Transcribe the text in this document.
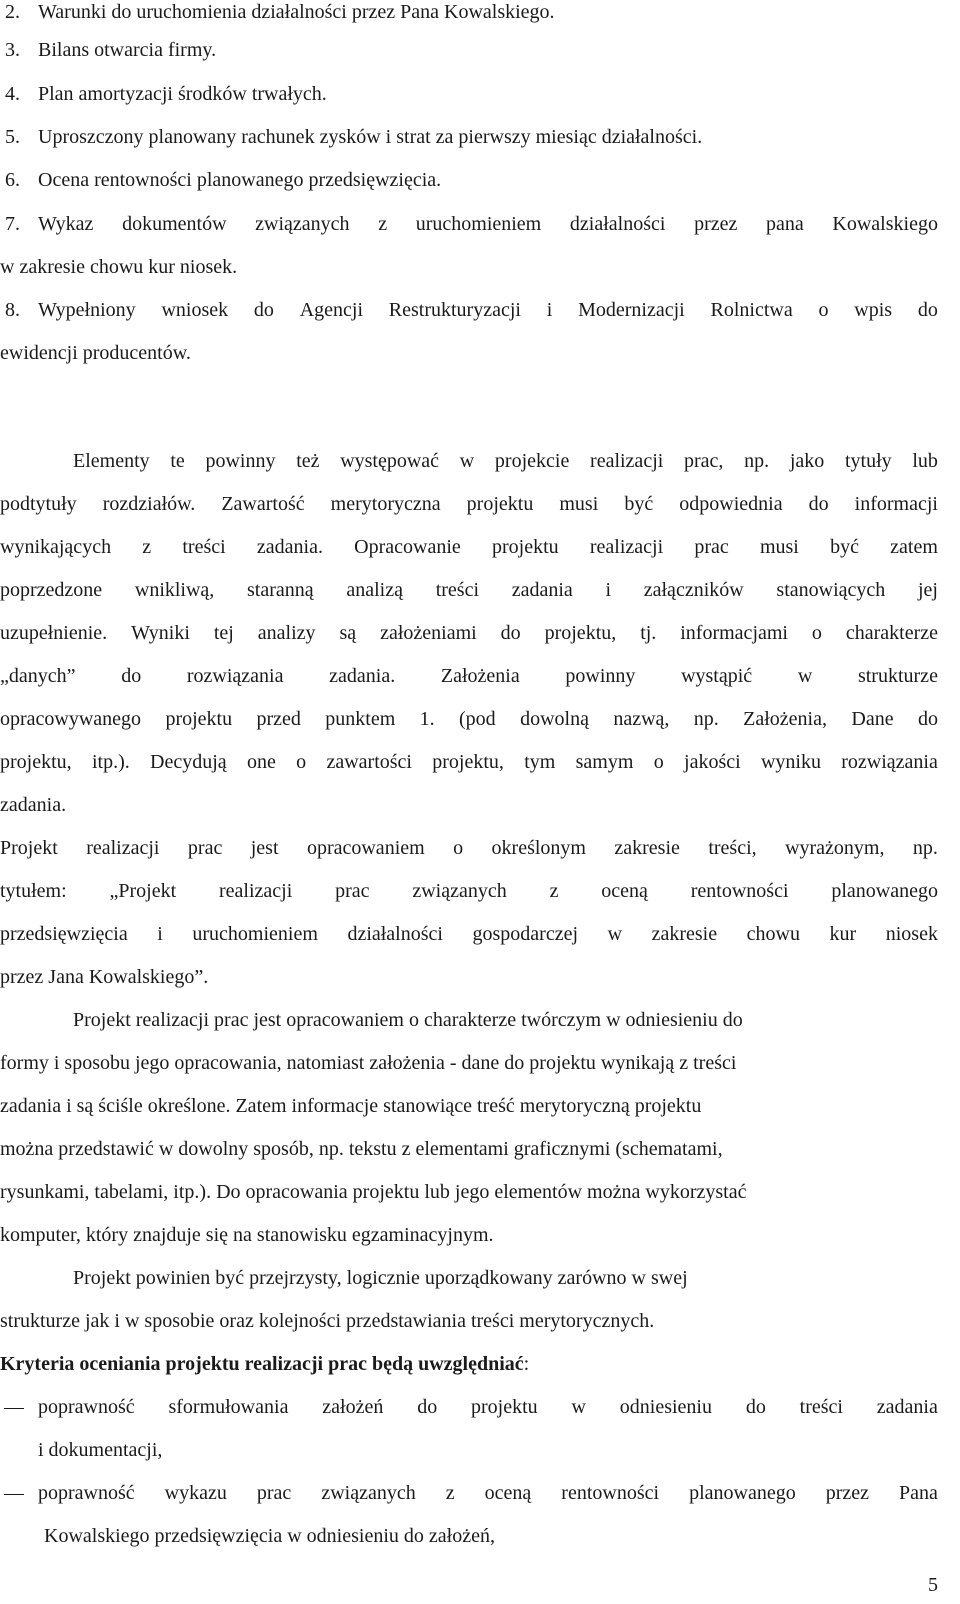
2. Warunki do uruchomienia działalności przez Pana Kowalskiego.
3. Bilans otwarcia firmy.
4. Plan amortyzacji środków trwałych.
5. Uproszczony planowany rachunek zysków i strat za pierwszy miesiąc działalności.
6. Ocena rentowności planowanego przedsięwzięcia.
7. Wykaz dokumentów związanych z uruchomieniem działalności przez pana Kowalskiego
w zakresie chowu kur niosek.
8. Wypełniony wniosek do Agencji Restrukturyzacji i Modernizacji Rolnictwa o wpis do
ewidencji producentów.
Elementy te powinny też występować w projekcie realizacji prac, np. jako tytuły lub
podtytuły rozdziałów. Zawartość merytoryczna projektu musi być odpowiednia do informacji
wynikających z treści zadania. Opracowanie projektu realizacji prac musi być zatem
poprzedzone wnikliwą, staranną analizą treści zadania i załączników stanowiących jej
uzupełnienie. Wyniki tej analizy są założeniami do projektu, tj. informacjami o charakterze
„danych” do rozwiązania zadania. Założenia powinny wystąpić w strukturze
opracowywanego projektu przed punktem 1. (pod dowolną nazwą, np. Założenia, Dane do
projektu, itp.). Decydują one o zawartości projektu, tym samym o jakości wyniku rozwiązania
zadania.
Projekt realizacji prac jest opracowaniem o określonym zakresie treści, wyrażonym, np.
tytułem: „Projekt realizacji prac związanych z oceną rentowności planowanego
przedsięwzięcia i uruchomieniem działalności gospodarczej w zakresie chowu kur niosek
przez Jana Kowalskiego”.
Projekt realizacji prac jest opracowaniem o charakterze twórczym w odniesieniu do
formy i sposobu jego opracowania, natomiast założenia - dane do projektu wynikają z treści
zadania i są ściśle określone. Zatem informacje stanowiące treść merytoryczną projektu
można przedstawić w dowolny sposób, np. tekstu z elementami graficznymi (schematami,
rysunkami, tabelami, itp.). Do opracowania projektu lub jego elementów można wykorzystać
komputer, który znajduje się na stanowisku egzaminacyjnym.
Projekt powinien być przejrzysty, logicznie uporządkowany zarówno w swej
strukturze jak i w sposobie oraz kolejności przedstawiania treści merytorycznych.
Kryteria oceniania projektu realizacji prac będą uwzględniać:
poprawność sformułowania założeń do projektu w odniesieniu do treści zadania
i dokumentacji,
poprawność wykazu prac związanych z oceną rentowności planowanego przez Pana
Kowalskiego przedsięwzięcia w odniesieniu do założeń,
5
